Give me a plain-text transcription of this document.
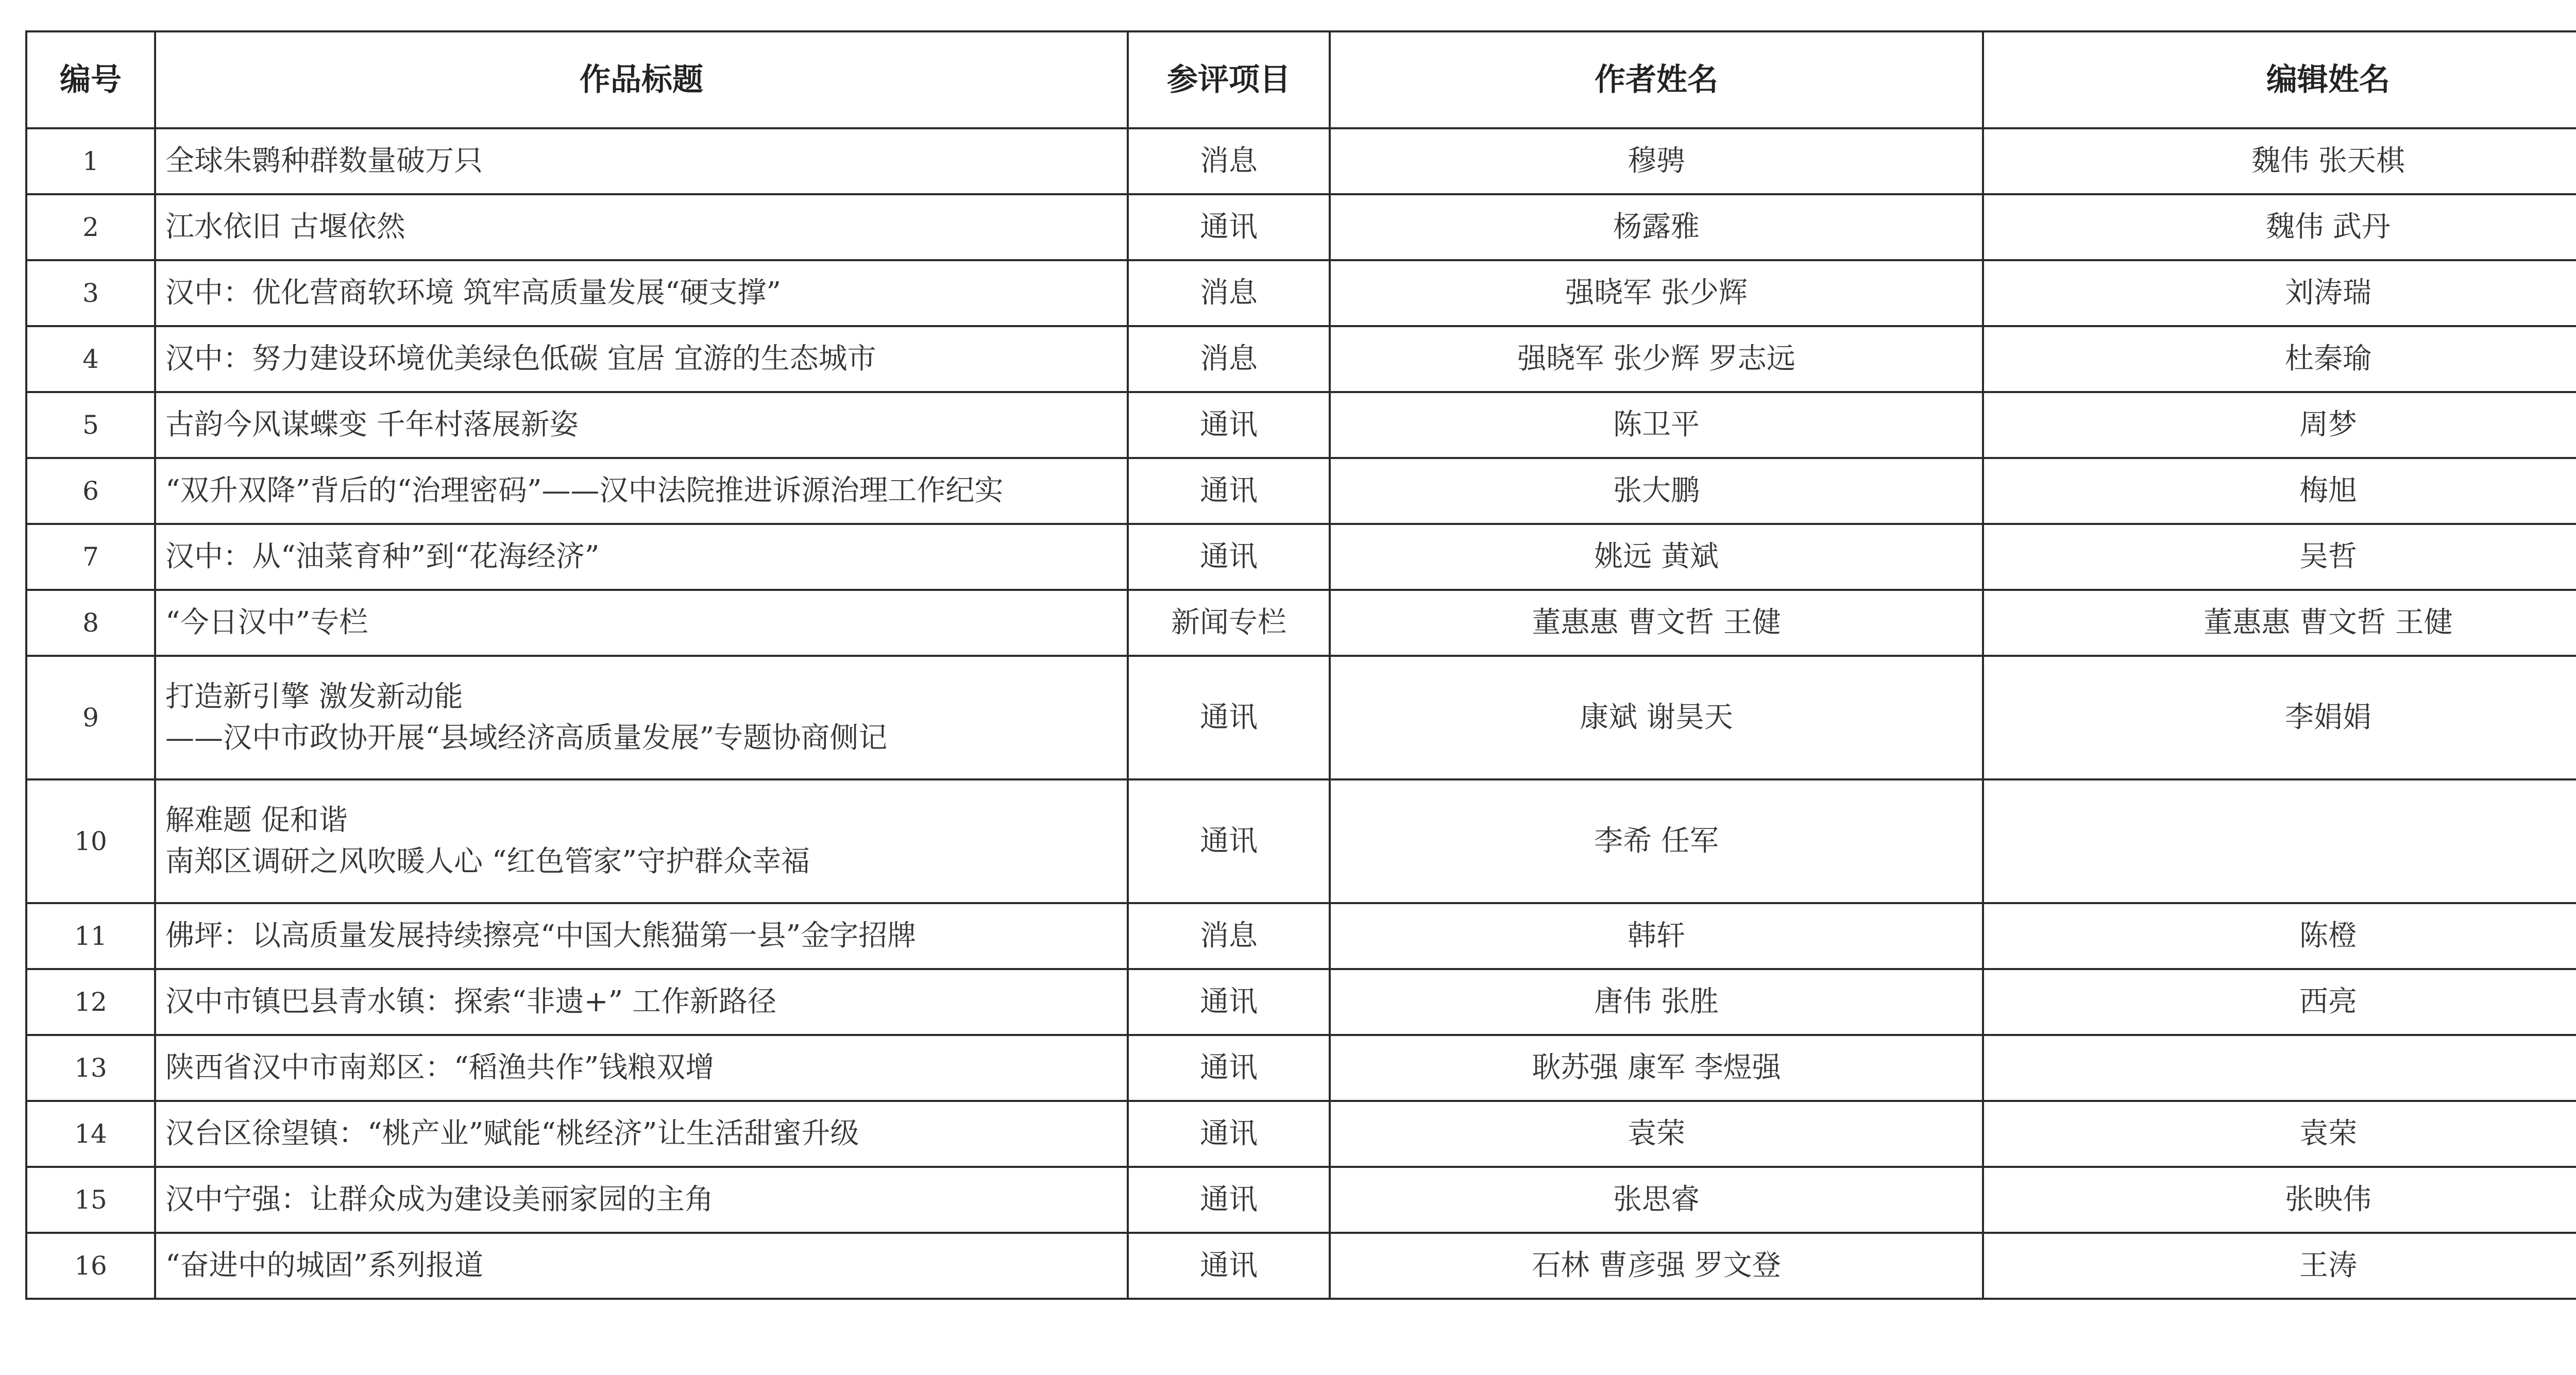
编号	作品标题	参评项目	作者姓名	编辑姓名	
1	全球朱鹮种群数量破万只	消息	穆骋	魏伟 张天棋	
2	江水依旧 古堰依然	通讯	杨露雅	魏伟 武丹	
3	汉中：优化营商软环境 筑牢高质量发展“硬支撑”	消息	强晓军 张少辉	刘涛瑞	
4	汉中：努力建设环境优美绿色低碳 宜居 宜游的生态城市	消息	强晓军 张少辉 罗志远	杜秦瑜	
5	古韵今风谋蝶变 千年村落展新姿	通讯	陈卫平	周梦	
6	“双升双降”背后的“治理密码”——汉中法院推进诉源治理工作纪实	通讯	张大鹏	梅旭	
7	汉中：从“油菜育种”到“花海经济”	通讯	姚远 黄斌	吴哲	
8	“今日汉中”专栏	新闻专栏	董惠惠 曹文哲 王健	董惠惠 曹文哲 王健	
9	打造新引擎 激发新动能
——汉中市政协开展“县域经济高质量发展”专题协商侧记	通讯	康斌 谢昊天	李娟娟	
10	解难题 促和谐
南郑区调研之风吹暖人心 “红色管家”守护群众幸福	通讯	李希 任军		
11	佛坪：以高质量发展持续擦亮“中国大熊猫第一县”金字招牌	消息	韩轩	陈橙	
12	汉中市镇巴县青水镇：探索“非遗+” 工作新路径	通讯	唐伟 张胜	西亮	
13	陕西省汉中市南郑区：“稻渔共作”钱粮双增	通讯	耿苏强 康军 李煜强		
14	汉台区徐望镇：“桃产业”赋能“桃经济”让生活甜蜜升级	通讯	袁荣	袁荣	
15	汉中宁强：让群众成为建设美丽家园的主角	通讯	张思睿	张映伟	
16	“奋进中的城固”系列报道	通讯	石林 曹彦强 罗文登	王涛	
